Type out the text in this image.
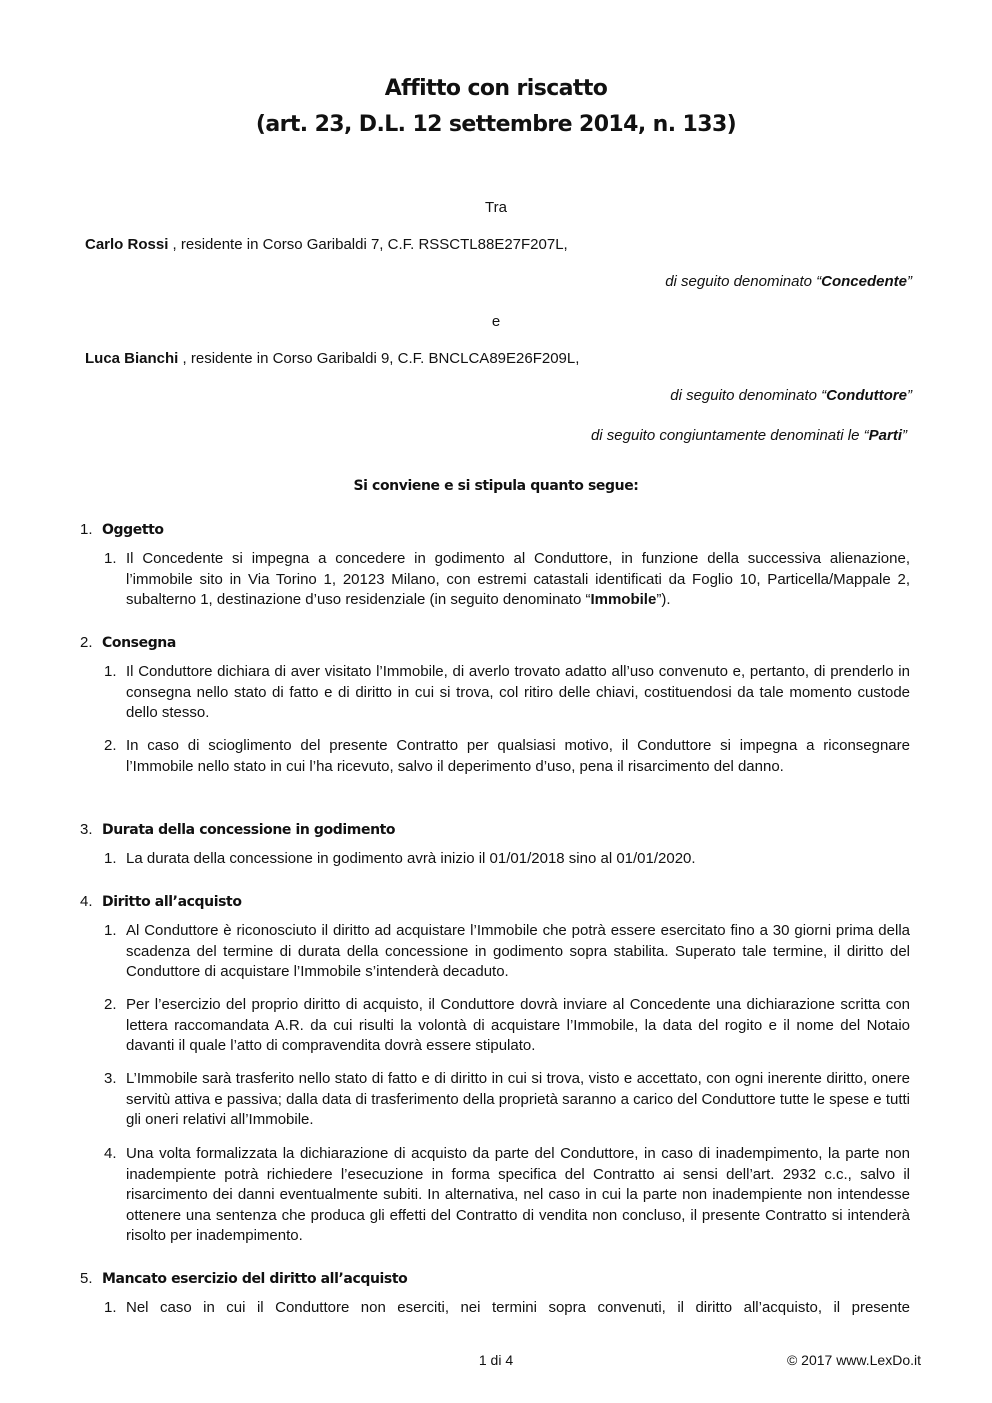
Affitto con riscatto
(art. 23, D.L. 12 settembre 2014, n. 133)
Tra
Carlo Rossi , residente in Corso Garibaldi 7, C.F. RSSCTL88E27F207L,
di seguito denominato “Concedente”
e
Luca Bianchi , residente in Corso Garibaldi 9, C.F. BNCLCA89E26F209L,
di seguito denominato “Conduttore”
di seguito congiuntamente denominati le “Parti”
Si conviene e si stipula quanto segue:
1. Oggetto
1. Il Concedente si impegna a concedere in godimento al Conduttore, in funzione della successiva alienazione, l’immobile sito in Via Torino 1, 20123 Milano, con estremi catastali identificati da Foglio 10, Particella/Mappale 2, subalterno 1, destinazione d’uso residenziale (in seguito denominato “Immobile”).
2. Consegna
1. Il Conduttore dichiara di aver visitato l’Immobile, di averlo trovato adatto all’uso convenuto e, pertanto, di prenderlo in consegna nello stato di fatto e di diritto in cui si trova, col ritiro delle chiavi, costituendosi da tale momento custode dello stesso.
2. In caso di scioglimento del presente Contratto per qualsiasi motivo, il Conduttore si impegna a riconsegnare l’Immobile nello stato in cui l’ha ricevuto, salvo il deperimento d’uso, pena il risarcimento del danno.
3. Durata della concessione in godimento
1. La durata della concessione in godimento avrà inizio il 01/01/2018 sino al 01/01/2020.
4. Diritto all’acquisto
1. Al Conduttore è riconosciuto il diritto ad acquistare l’Immobile che potrà essere esercitato fino a 30 giorni prima della scadenza del termine di durata della concessione in godimento sopra stabilita. Superato tale termine, il diritto del Conduttore di acquistare l’Immobile s’intenderà decaduto.
2. Per l’esercizio del proprio diritto di acquisto, il Conduttore dovrà inviare al Concedente una dichiarazione scritta con lettera raccomandata A.R. da cui risulti la volontà di acquistare l’Immobile, la data del rogito e il nome del Notaio davanti il quale l’atto di compravendita dovrà essere stipulato.
3. L’Immobile sarà trasferito nello stato di fatto e di diritto in cui si trova, visto e accettato, con ogni inerente diritto, onere servitù attiva e passiva; dalla data di trasferimento della proprietà saranno a carico del Conduttore tutte le spese e tutti gli oneri relativi all’Immobile.
4. Una volta formalizzata la dichiarazione di acquisto da parte del Conduttore, in caso di inadempimento, la parte non inadempiente potrà richiedere l’esecuzione in forma specifica del Contratto ai sensi dell’art. 2932 c.c., salvo il risarcimento dei danni eventualmente subiti. In alternativa, nel caso in cui la parte non inadempiente non intendesse ottenere una sentenza che produca gli effetti del Contratto di vendita non concluso, il presente Contratto si intenderà risolto per inadempimento.
5. Mancato esercizio del diritto all’acquisto
1. Nel caso in cui il Conduttore non eserciti, nei termini sopra convenuti, il diritto all’acquisto, il presente
1 di 4	© 2017 www.LexDo.it
